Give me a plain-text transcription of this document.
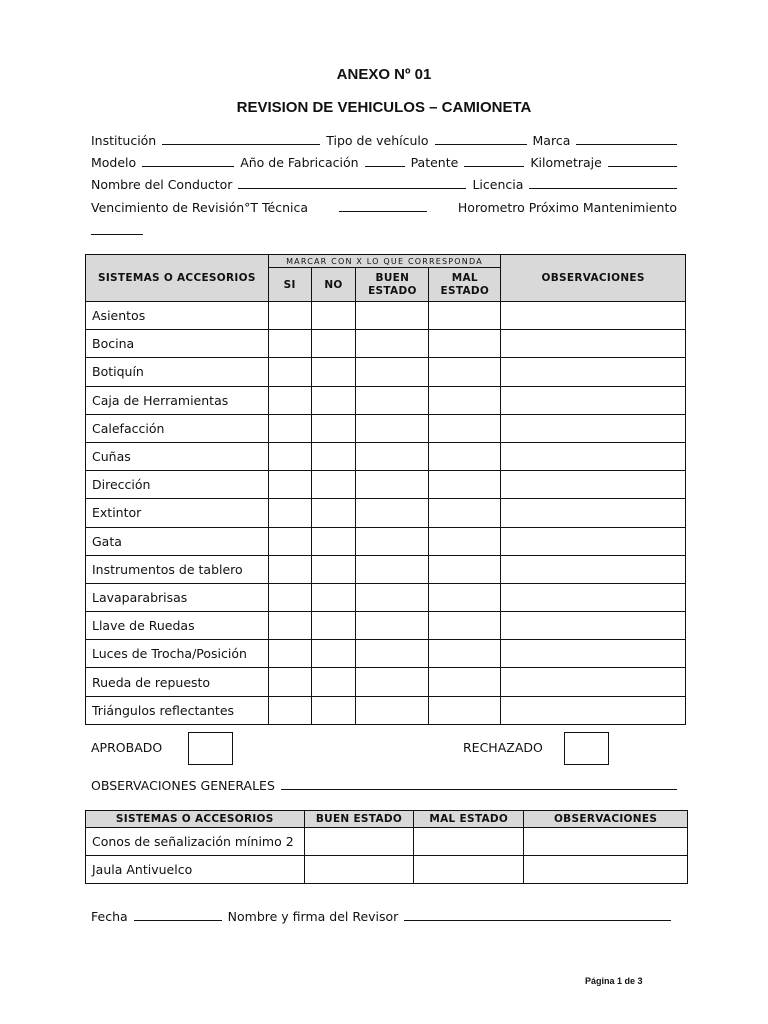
ANEXO Nº 01
REVISION DE VEHICULOS – CAMIONETA
Institución	Tipo de vehículo	Marca
Modelo	Año de Fabricación	Patente	Kilometraje
Nombre del Conductor	Licencia
Vencimiento de Revisión°T Técnica	Horometro Próximo Mantenimiento
SISTEMAS O ACCESORIOS	MARCAR CON X LO QUE CORRESPONDA				OBSERVACIONES
	SI	NO	BUEN ESTADO	MAL ESTADO	
Asientos					
Bocina					
Botiquín					
Caja de Herramientas					
Calefacción					
Cuñas					
Dirección					
Extintor					
Gata					
Instrumentos de tablero					
Lavaparabrisas					
Llave de Ruedas					
Luces de Trocha/Posición					
Rueda de repuesto					
Triángulos reflectantes					
APROBADO	RECHAZADO
OBSERVACIONES GENERALES
SISTEMAS O ACCESORIOS	BUEN ESTADO	MAL ESTADO	OBSERVACIONES
Conos de señalización mínimo 2			
Jaula Antivuelco			
Fecha	Nombre y firma del Revisor
Página 1 de 3
